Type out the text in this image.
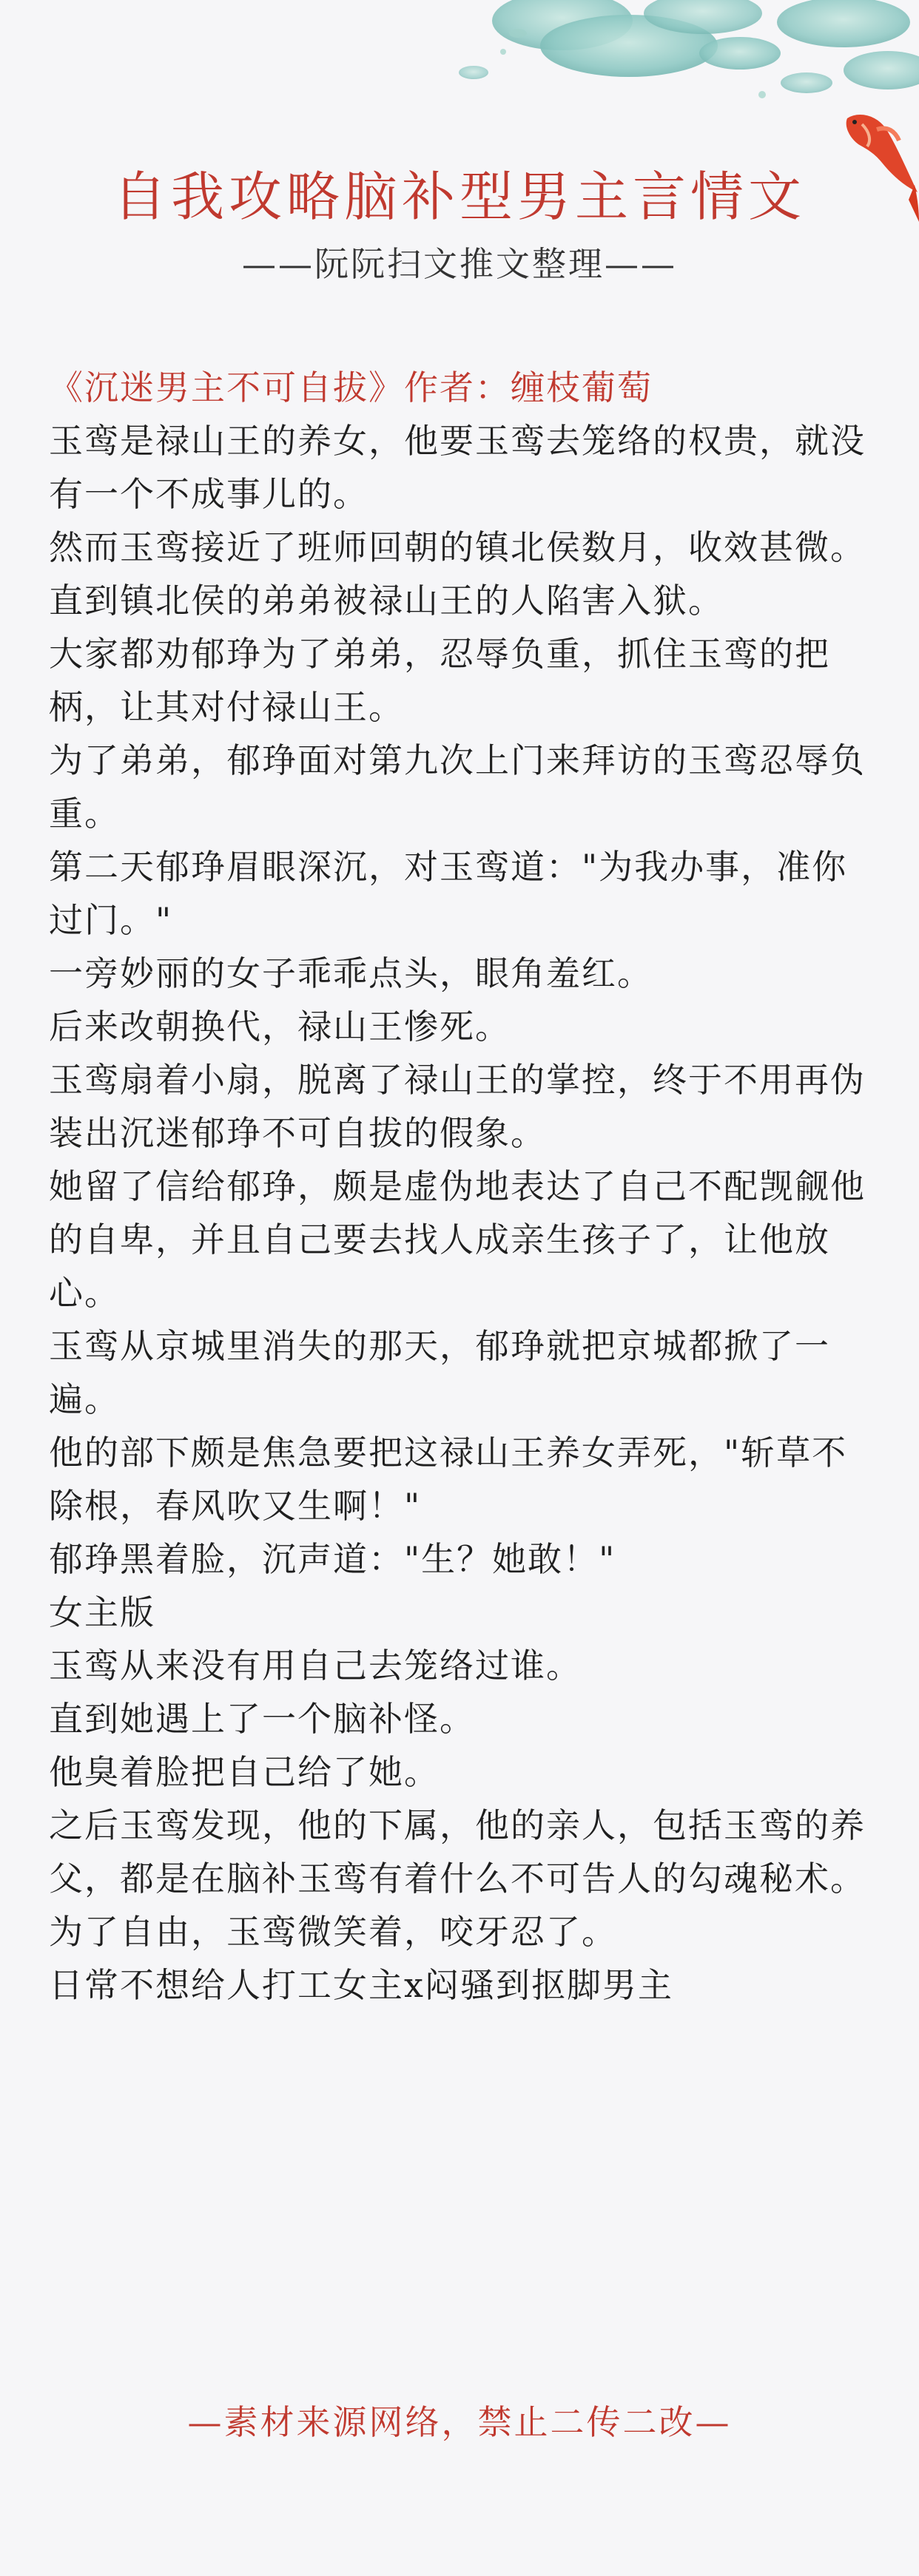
自我攻略脑补型男主言情文
——阮阮扫文推文整理——

《沉迷男主不可自拔》作者：缠枝葡萄

玉鸾是禄山王的养女，他要玉鸾去笼络的权贵，就没有一个不成事儿的。

然而玉鸾接近了班师回朝的镇北侯数月，收效甚微。

直到镇北侯的弟弟被禄山王的人陷害入狱。

大家都劝郁琤为了弟弟，忍辱负重，抓住玉鸾的把柄，让其对付禄山王。

为了弟弟，郁琤面对第九次上门来拜访的玉鸾忍辱负重。

第二天郁琤眉眼深沉，对玉鸾道："为我办事，准你过门。"

一旁妙丽的女子乖乖点头，眼角羞红。

后来改朝换代，禄山王惨死。

玉鸾扇着小扇，脱离了禄山王的掌控，终于不用再伪装出沉迷郁琤不可自拔的假象。

她留了信给郁琤，颇是虚伪地表达了自己不配觊觎他的自卑，并且自己要去找人成亲生孩子了，让他放心。

玉鸾从京城里消失的那天，郁琤就把京城都掀了一遍。

他的部下颇是焦急要把这禄山王养女弄死，"斩草不除根，春风吹又生啊！"

郁琤黑着脸，沉声道："生？她敢！"

女主版

玉鸾从来没有用自己去笼络过谁。

直到她遇上了一个脑补怪。

他臭着脸把自己给了她。

之后玉鸾发现，他的下属，他的亲人，包括玉鸾的养父，都是在脑补玉鸾有着什么不可告人的勾魂秘术。

为了自由，玉鸾微笑着，咬牙忍了。

日常不想给人打工女主x闷骚到抠脚男主

—素材来源网络，禁止二传二改—
